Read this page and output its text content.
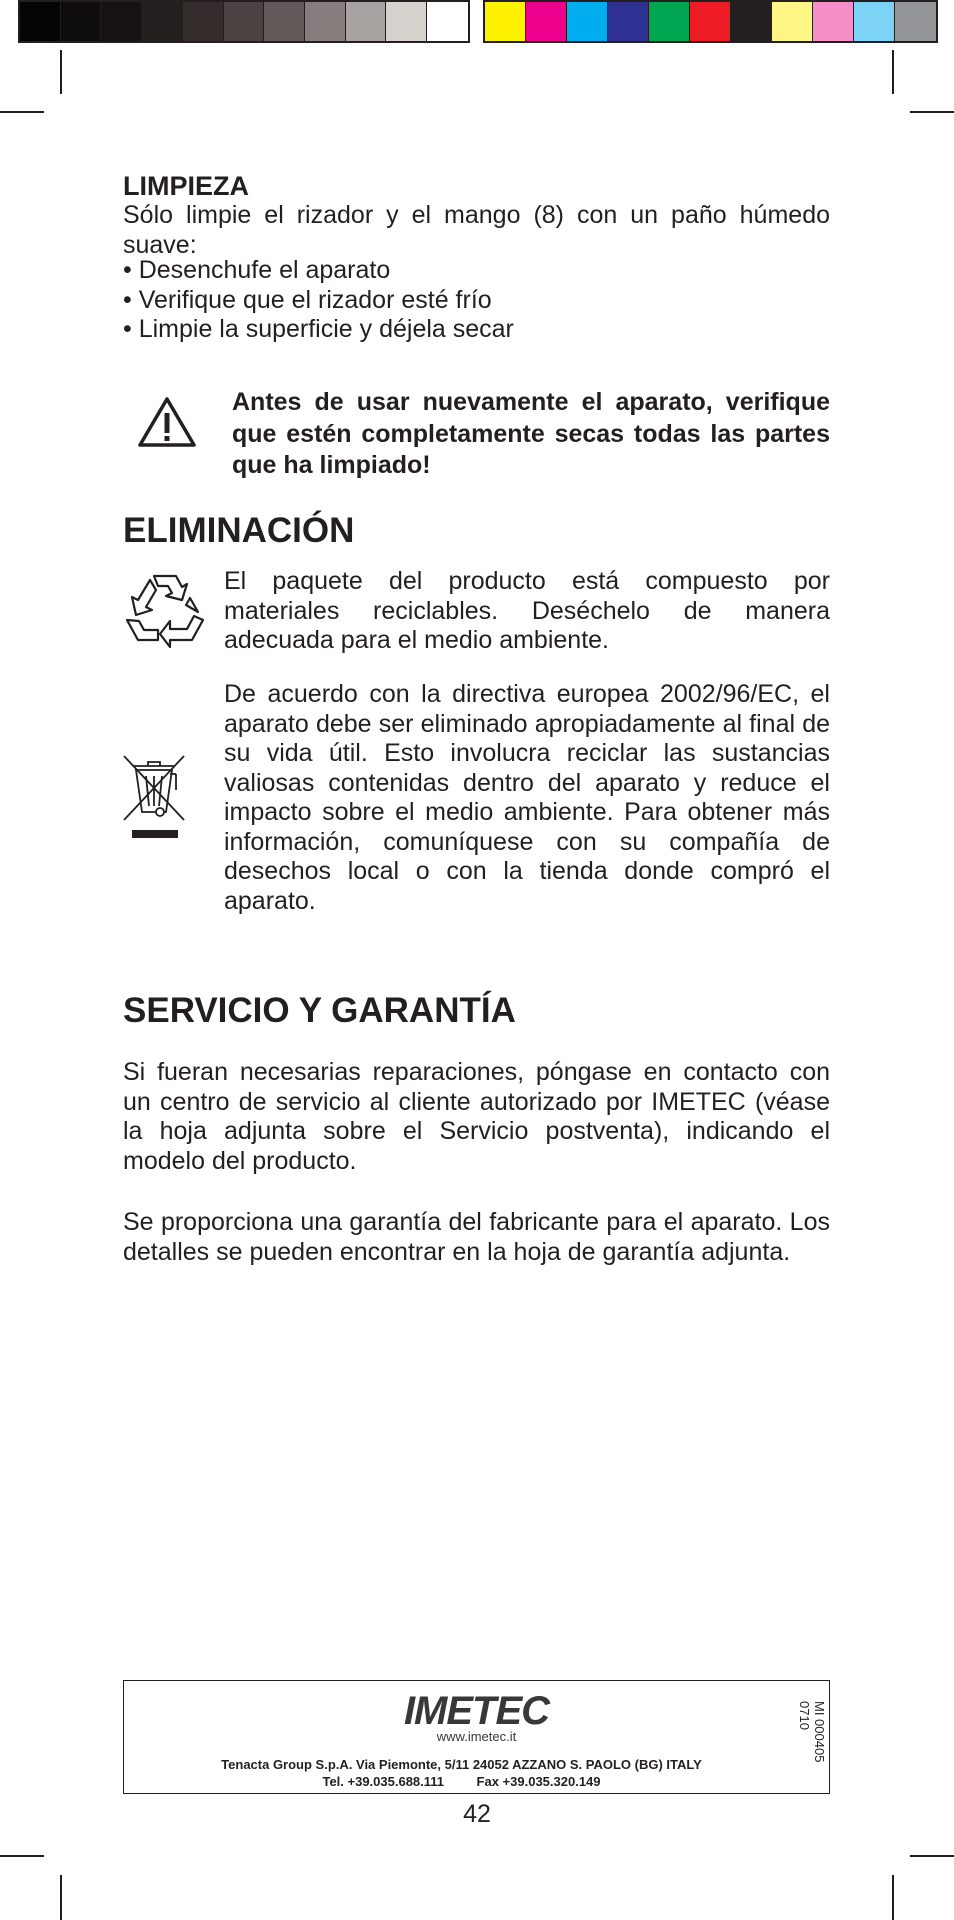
LIMPIEZA

Sólo limpie el rizador y el mango (8) con un paño húmedo suave:

• Desenchufe el aparato
• Verifique que el rizador esté frío
• Limpie la superficie y déjela secar

Antes de usar nuevamente el aparato, verifique que estén completamente secas todas las partes que ha limpiado!

ELIMINACIÓN

El paquete del producto está compuesto por materiales reciclables. Deséchelo de manera adecuada para el medio ambiente.

De acuerdo con la directiva europea 2002/96/EC, el aparato debe ser eliminado apropiadamente al final de su vida útil. Esto involucra reciclar las sustancias valiosas contenidas dentro del aparato y reduce el impacto sobre el medio ambiente. Para obtener más información, comuníquese con su compañía de desechos local o con la tienda donde compró el aparato.

SERVICIO Y GARANTÍA

Si fueran necesarias reparaciones, póngase en contacto con un centro de servicio al cliente autorizado por IMETEC (véase la hoja adjunta sobre el Servicio postventa), indicando el modelo del producto.

Se proporciona una garantía del fabricante para el aparato. Los detalles se pueden encontrar en la hoja de garantía adjunta.

IMETEC
www.imetec.it
Tenacta Group S.p.A. Via Piemonte, 5/11 24052 AZZANO S. PAOLO (BG) ITALY
Tel. +39.035.688.111         Fax +39.035.320.149
MI 000405
0710
42
